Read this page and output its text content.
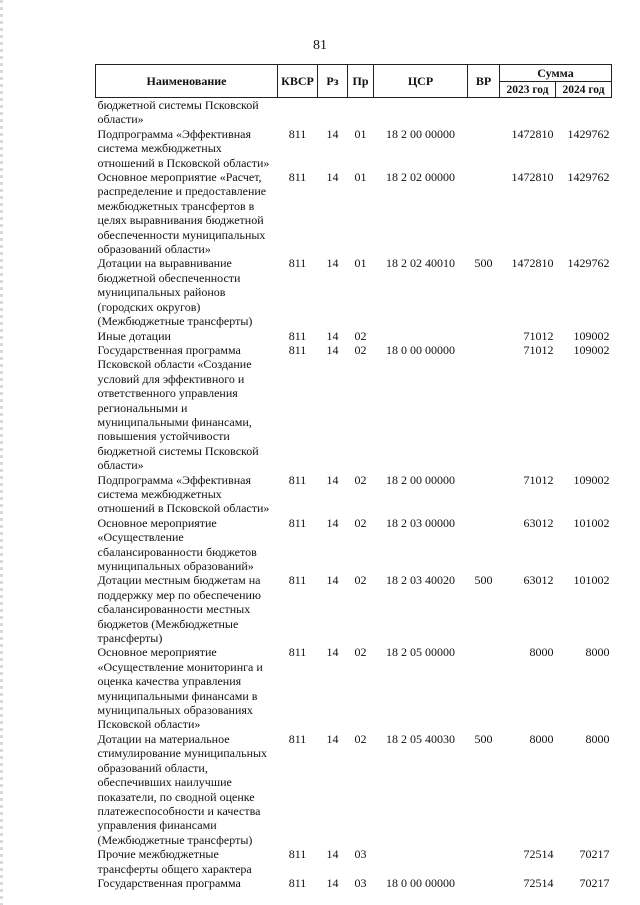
81
Наименование	КВСР	Рз	Пр	ЦСР	ВР	Сумма	
						2023 год	2024 год
бюджетной системы Псковской области»							
Подпрограмма «Эффективная система межбюджетных отношений в Псковской области»	811	14	01	18 2 00 00000		1472810	1429762
Основное мероприятие «Расчет, распределение и предоставление межбюджетных трансфертов в целях выравнивания бюджетной обеспеченности муниципальных образований области»	811	14	01	18 2 02 00000		1472810	1429762
Дотации на выравнивание бюджетной обеспеченности муниципальных районов (городских округов) (Межбюджетные трансферты)	811	14	01	18 2 02 40010	500	1472810	1429762
Иные дотации	811	14	02			71012	109002
Государственная программа Псковской области «Создание условий для эффективного и ответственного управления региональными и муниципальными финансами, повышения устойчивости бюджетной системы Псковской области»	811	14	02	18 0 00 00000		71012	109002
Подпрограмма «Эффективная система межбюджетных отношений в Псковской области»	811	14	02	18 2 00 00000		71012	109002
Основное мероприятие «Осуществление сбалансированности бюджетов муниципальных образований»	811	14	02	18 2 03 00000		63012	101002
Дотации местным бюджетам на поддержку мер по обеспечению сбалансированности местных бюджетов (Межбюджетные трансферты)	811	14	02	18 2 03 40020	500	63012	101002
Основное мероприятие «Осуществление мониторинга и оценка качества управления муниципальными финансами в муниципальных образованиях Псковской области»	811	14	02	18 2 05 00000		8000	8000
Дотации на материальное стимулирование муниципальных образований области, обеспечивших наилучшие показатели, по сводной оценке платежеспособности и качества управления финансами (Межбюджетные трансферты)	811	14	02	18 2 05 40030	500	8000	8000
Прочие межбюджетные трансферты общего характера	811	14	03			72514	70217
Государственная программа	811	14	03	18 0 00 00000		72514	70217
